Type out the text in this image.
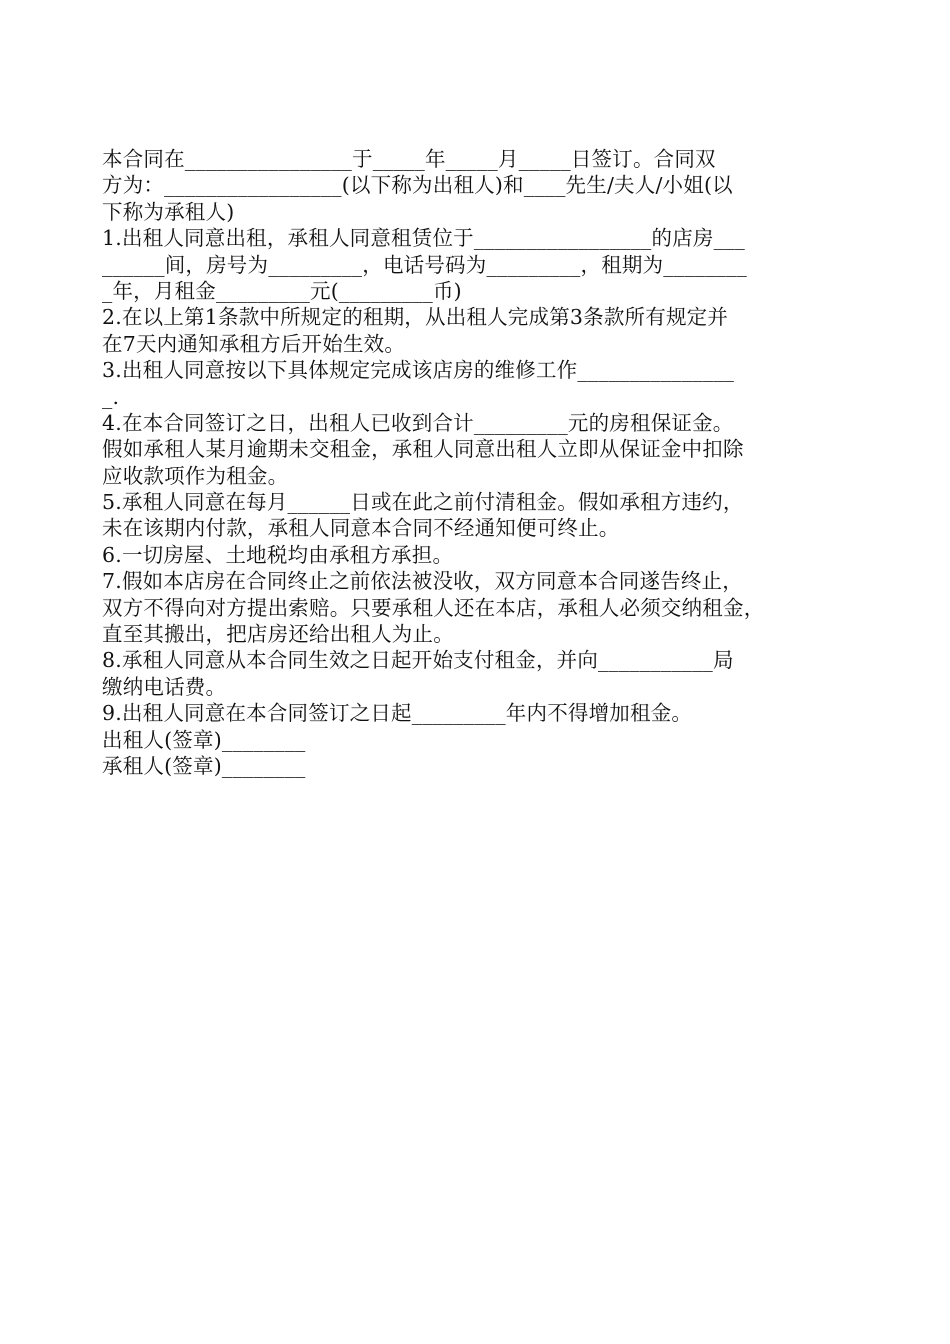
本合同在________________于_____年_____月_____日签订。合同双
方为：_________________(以下称为出租人)和____先生/夫人/小姐(以
下称为承租人)
1.出租人同意出租，承租人同意租赁位于_________________的店房___
______间，房号为_________，电话号码为_________，租期为________
_年，月租金_________元(_________币)
2.在以上第1条款中所规定的租期，从出租人完成第3条款所有规定并
在7天内通知承租方后开始生效。
3.出租人同意按以下具体规定完成该店房的维修工作_______________
_.
4.在本合同签订之日，出租人已收到合计_________元的房租保证金。
假如承租人某月逾期未交租金，承租人同意出租人立即从保证金中扣除
应收款项作为租金。
5.承租人同意在每月______日或在此之前付清租金。假如承租方违约，
未在该期内付款，承租人同意本合同不经通知便可终止。
6.一切房屋、土地税均由承租方承担。
7.假如本店房在合同终止之前依法被没收，双方同意本合同遂告终止，
双方不得向对方提出索赔。只要承租人还在本店，承租人必须交纳租金，
直至其搬出，把店房还给出租人为止。
8.承租人同意从本合同生效之日起开始支付租金，并向___________局
缴纳电话费。
9.出租人同意在本合同签订之日起_________年内不得增加租金。
出租人(签章)________
承租人(签章)________
